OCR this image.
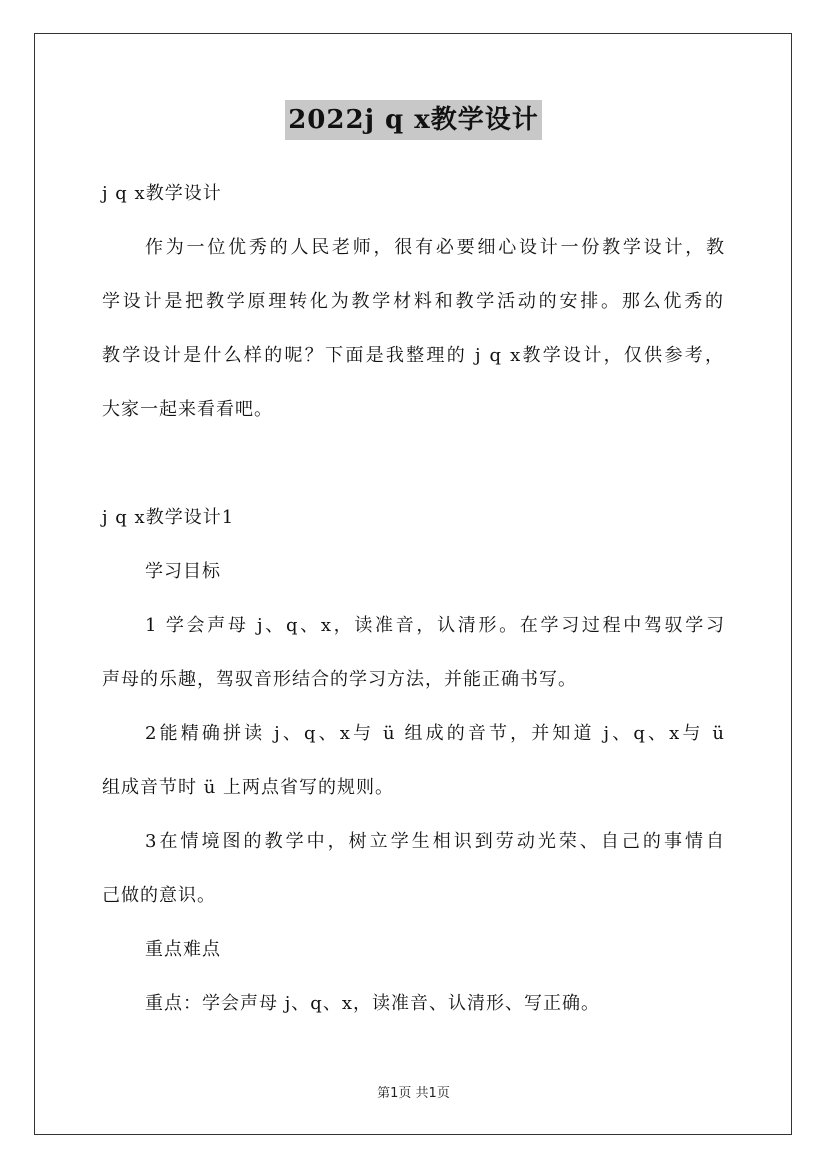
2022j q x教学设计
j q x教学设计
作为一位优秀的人民老师，很有必要细心设计一份教学设计，教
学设计是把教学原理转化为教学材料和教学活动的安排。那么优秀的
教学设计是什么样的呢？下面是我整理的 j q x教学设计，仅供参考，
大家一起来看看吧。
j q x教学设计1
学习目标
1 学会声母 j、q、x，读准音，认清形。在学习过程中驾驭学习
声母的乐趣，驾驭音形结合的学习方法，并能正确书写。
2能精确拼读 j、q、x与 ü 组成的音节，并知道 j、q、x与 ü
组成音节时 ü 上两点省写的规则。
3在情境图的教学中，树立学生相识到劳动光荣、自己的事情自
己做的意识。
重点难点
重点：学会声母 j、q、x，读准音、认清形、写正确。
第1页 共1页
